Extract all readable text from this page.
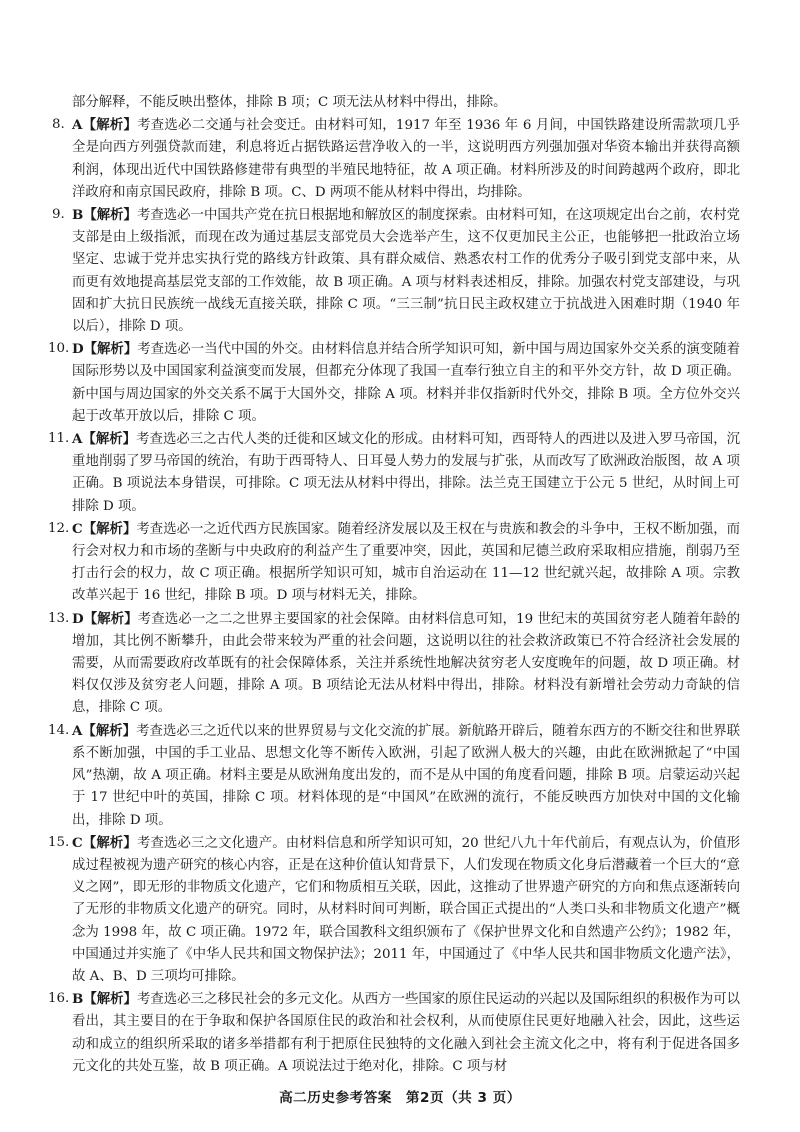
部分解释，不能反映出整体，排除 B 项；C 项无法从材料中得出，排除。

8. A【解析】考查选必二交通与社会变迁。由材料可知，1917 年至 1936 年 6 月间，中国铁路建设所需款项几乎全是向西方列强贷款而建，利息将近占据铁路运营净收入的一半，这说明西方列强加强对华资本输出并获得高额利润，体现出近代中国铁路修建带有典型的半殖民地特征，故 A 项正确。材料所涉及的时间跨越两个政府，即北洋政府和南京国民政府，排除 B 项。C、D 两项不能从材料中得出，均排除。

9. B【解析】考查选必一中国共产党在抗日根据地和解放区的制度探索。由材料可知，在这项规定出台之前，农村党支部是由上级指派，而现在改为通过基层支部党员大会选举产生，这不仅更加民主公正，也能够把一批政治立场坚定、忠诚于党并忠实执行党的路线方针政策、具有群众威信、熟悉农村工作的优秀分子吸引到党支部中来，从而更有效地提高基层党支部的工作效能，故 B 项正确。A 项与材料表述相反，排除。加强农村党支部建设，与巩固和扩大抗日民族统一战线无直接关联，排除 C 项。“三三制”抗日民主政权建立于抗战进入困难时期（1940 年以后），排除 D 项。

10. D【解析】考查选必一当代中国的外交。由材料信息并结合所学知识可知，新中国与周边国家外交关系的演变随着国际形势以及中国国家利益演变而发展，但都充分体现了我国一直奉行独立自主的和平外交方针，故 D 项正确。新中国与周边国家的外交关系不属于大国外交，排除 A 项。材料并非仅指新时代外交，排除 B 项。全方位外交兴起于改革开放以后，排除 C 项。

11. A【解析】考查选必三之古代人类的迁徙和区域文化的形成。由材料可知，西哥特人的西进以及进入罗马帝国，沉重地削弱了罗马帝国的统治，有助于西哥特人、日耳曼人势力的发展与扩张，从而改写了欧洲政治版图，故 A 项正确。B 项说法本身错误，可排除。C 项无法从材料中得出，排除。法兰克王国建立于公元 5 世纪，从时间上可排除 D 项。

12. C【解析】考查选必一之近代西方民族国家。随着经济发展以及王权在与贵族和教会的斗争中，王权不断加强，而行会对权力和市场的垄断与中央政府的利益产生了重要冲突，因此，英国和尼德兰政府采取相应措施，削弱乃至打击行会的权力，故 C 项正确。根据所学知识可知，城市自治运动在 11—12 世纪就兴起，故排除 A 项。宗教改革兴起于 16 世纪，排除 B 项。D 项与材料无关，排除。

13. D【解析】考查选必一之二之世界主要国家的社会保障。由材料信息可知，19 世纪末的英国贫穷老人随着年龄的增加，其比例不断攀升，由此会带来较为严重的社会问题，这说明以往的社会救济政策已不符合经济社会发展的需要，从而需要政府改革既有的社会保障体系，关注并系统性地解决贫穷老人安度晚年的问题，故 D 项正确。材料仅仅涉及贫穷老人问题，排除 A 项。B 项结论无法从材料中得出，排除。材料没有新增社会劳动力奇缺的信息，排除 C 项。

14. A【解析】考查选必三之近代以来的世界贸易与文化交流的扩展。新航路开辟后，随着东西方的不断交往和世界联系不断加强，中国的手工业品、思想文化等不断传入欧洲，引起了欧洲人极大的兴趣，由此在欧洲掀起了“中国风”热潮，故 A 项正确。材料主要是从欧洲角度出发的，而不是从中国的角度看问题，排除 B 项。启蒙运动兴起于 17 世纪中叶的英国，排除 C 项。材料体现的是“中国风”在欧洲的流行，不能反映西方加快对中国的文化输出，排除 D 项。

15. C【解析】考查选必三之文化遗产。由材料信息和所学知识可知，20 世纪八九十年代前后，有观点认为，价值形成过程被视为遗产研究的核心内容，正是在这种价值认知背景下，人们发现在物质文化身后潜藏着一个巨大的“意义之网”，即无形的非物质文化遗产，它们和物质相互关联，因此，这推动了世界遗产研究的方向和焦点逐渐转向了无形的非物质文化遗产的研究。同时，从材料时间可判断，联合国正式提出的“人类口头和非物质文化遗产”概念为 1998 年，故 C 项正确。1972 年，联合国教科文组织颁布了《保护世界文化和自然遗产公约》；1982 年，中国通过并实施了《中华人民共和国文物保护法》；2011 年，中国通过了《中华人民共和国非物质文化遗产法》，故 A、B、D 三项均可排除。

16. B【解析】考查选必三之移民社会的多元文化。从西方一些国家的原住民运动的兴起以及国际组织的积极作为可以看出，其主要目的在于争取和保护各国原住民的政治和社会权利，从而使原住民更好地融入社会，因此，这些运动和成立的组织所采取的诸多举措都有利于把原住民独特的文化融入到社会主流文化之中，将有利于促进各国多元文化的共处互鉴，故 B 项正确。A 项说法过于绝对化，排除。C 项与材

高二历史参考答案　第2页（共 3 页）
